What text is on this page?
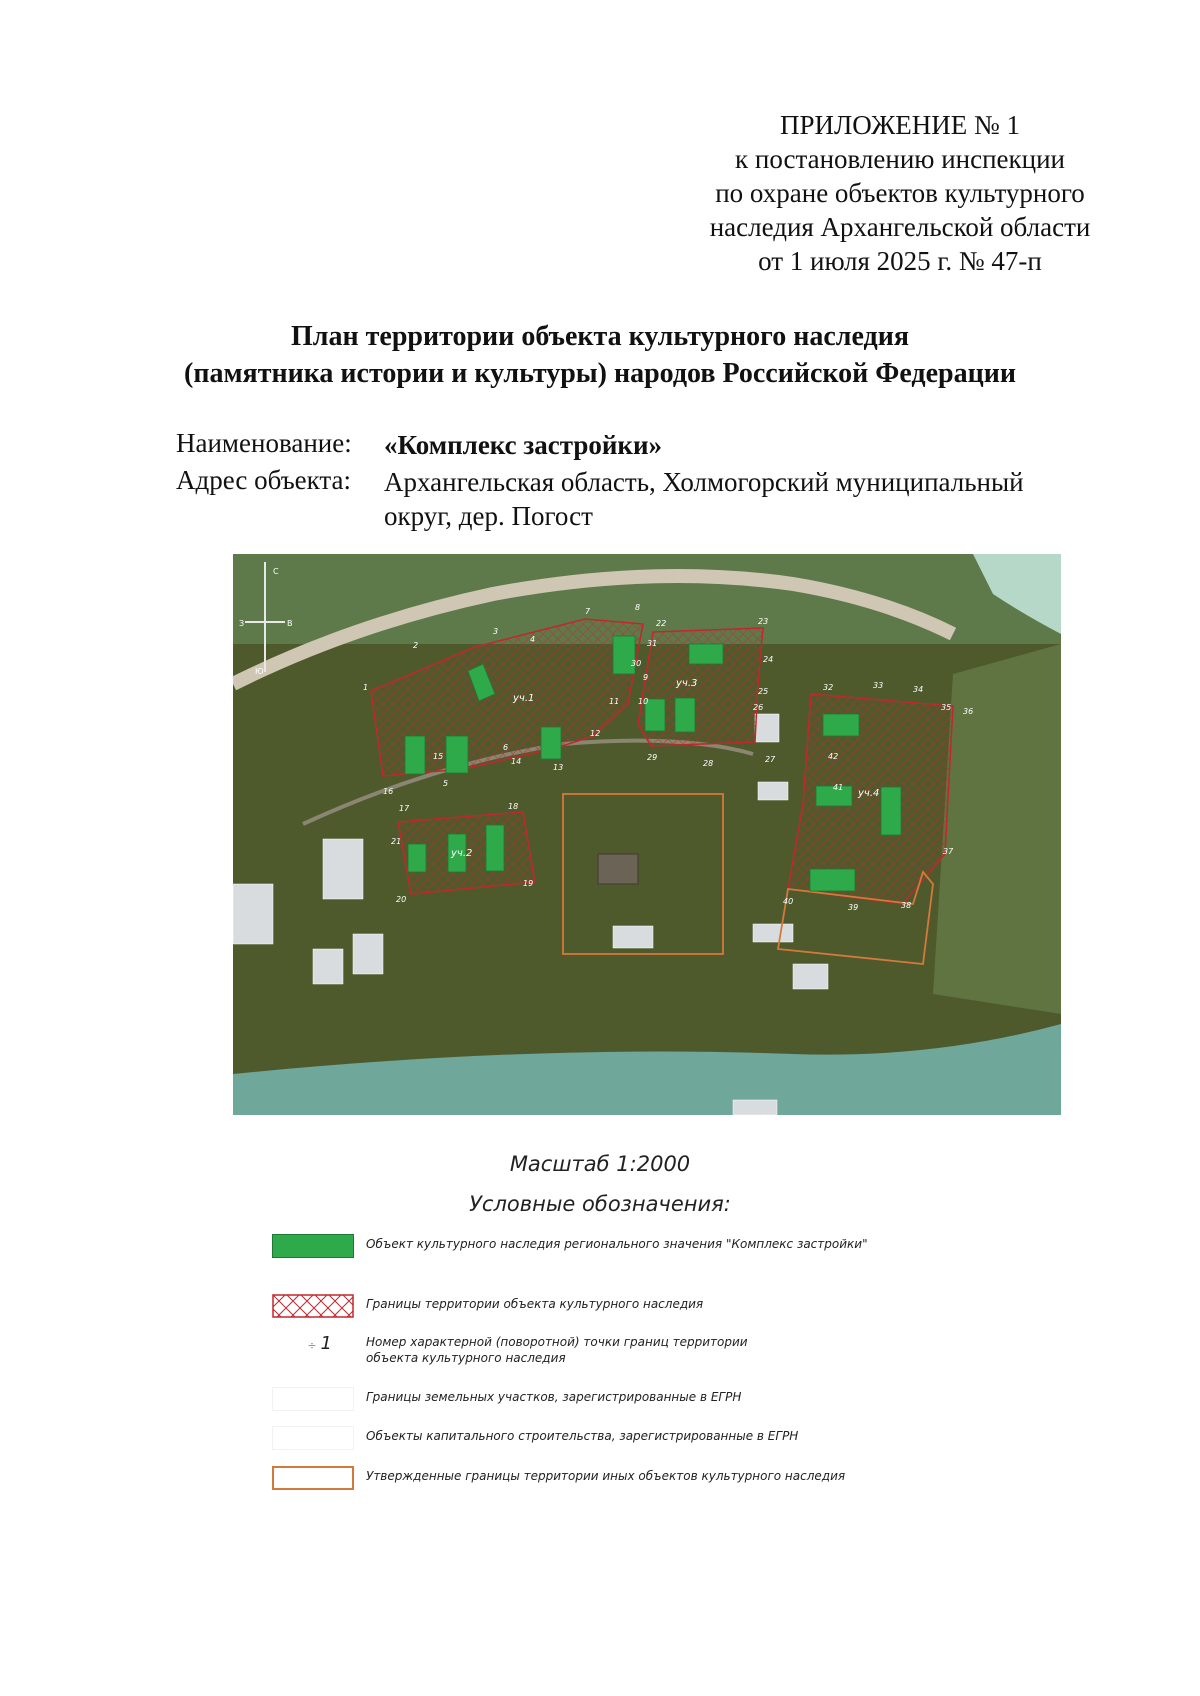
ПРИЛОЖЕНИЕ № 1
к постановлению инспекции
по охране объектов культурного
наследия Архангельской области
от 1 июля 2025 г. № 47-п
План территории объекта культурного наследия
(памятника истории и культуры) народов Российской Федерации
Наименование: «Комплекс застройки»
Адрес объекта: Архангельская область, Холмогорский муниципальный
округ, дер. Погост
уч.1
уч.2
уч.3
уч.4
С
Ю
З	В
1
2
3
4
5
6
7	8
9
10
11
12
13
14
15
16
17	18
19
20
21
22	23
24
25
26
27
28
29
30
31
32	33	34
35 36
37
38
39
40
41
42
Масштаб 1:2000
Условные обозначения:
Объект культурного наследия регионального значения "Комплекс застройки"
Границы территории объекта культурного наследия
÷ 1	Номер характерной (поворотной) точки границ территории
объекта культурного наследия
Границы земельных участков, зарегистрированные в ЕГРН
Объекты капитального строительства, зарегистрированные в ЕГРН
Утвержденные границы территории иных объектов культурного наследия
